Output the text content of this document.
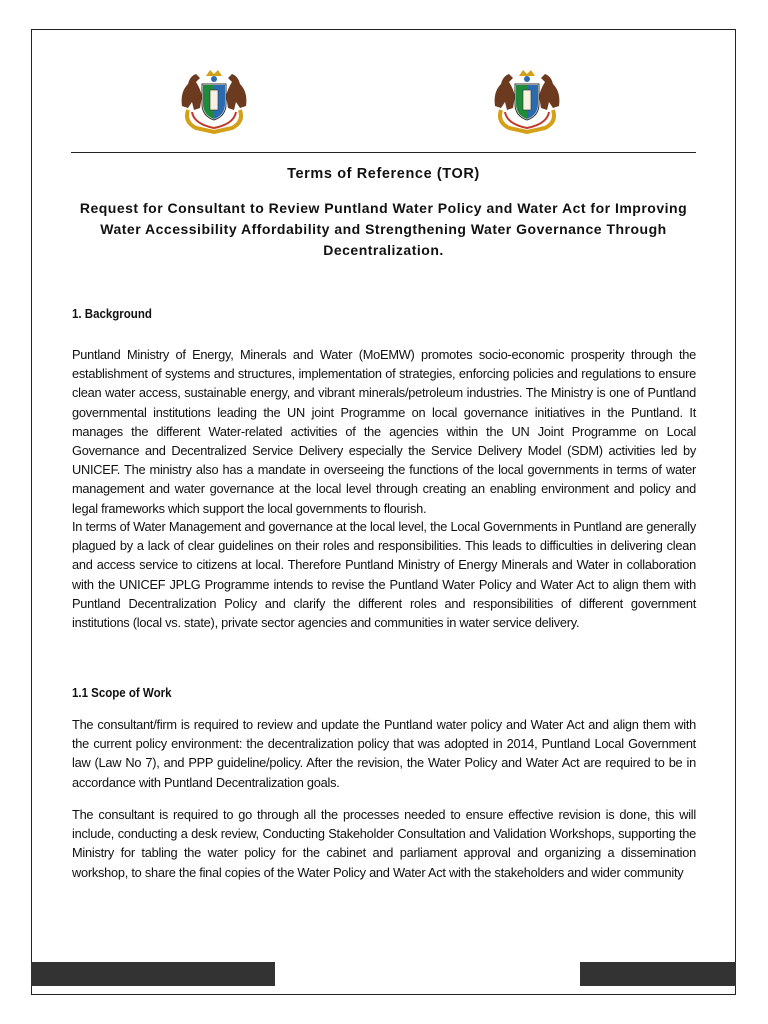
Terms of Reference (TOR)
Request for Consultant to Review Puntland Water Policy and Water Act for Improving Water Accessibility Affordability and Strengthening Water Governance Through Decentralization.
1. Background

Puntland Ministry of Energy, Minerals and Water (MoEMW) promotes socio-economic prosperity through the establishment of systems and structures, implementation of strategies, enforcing policies and regulations to ensure clean water access, sustainable energy, and vibrant minerals/petroleum industries. The Ministry is one of Puntland governmental institutions leading the UN joint Programme on local governance initiatives in the Puntland. It manages the different Water-related activities of the agencies within the UN Joint Programme on Local Governance and Decentralized Service Delivery especially the Service Delivery Model (SDM) activities led by UNICEF. The ministry also has a mandate in overseeing the functions of the local governments in terms of water management and water governance at the local level through creating an enabling environment and policy and legal frameworks which support the local governments to flourish.

In terms of Water Management and governance at the local level, the Local Governments in Puntland are generally plagued by a lack of clear guidelines on their roles and responsibilities. This leads to difficulties in delivering clean and access service to citizens at local. Therefore Puntland Ministry of Energy Minerals and Water in collaboration with the UNICEF JPLG Programme intends to revise the Puntland Water Policy and Water Act to align them with Puntland Decentralization Policy and clarify the different roles and responsibilities of different government institutions (local vs. state), private sector agencies and communities in water service delivery.

1.1 Scope of Work

The consultant/firm is required to review and update the Puntland water policy and Water Act and align them with the current policy environment: the decentralization policy that was adopted in 2014, Puntland Local Government law (Law No 7), and PPP guideline/policy. After the revision, the Water Policy and Water Act are required to be in accordance with Puntland Decentralization goals.

The consultant is required to go through all the processes needed to ensure effective revision is done, this will include, conducting a desk review, Conducting Stakeholder Consultation and Validation Workshops, supporting the Ministry for tabling the water policy for the cabinet and parliament approval and organizing a dissemination workshop, to share the final copies of the Water Policy and Water Act with the stakeholders and wider community
